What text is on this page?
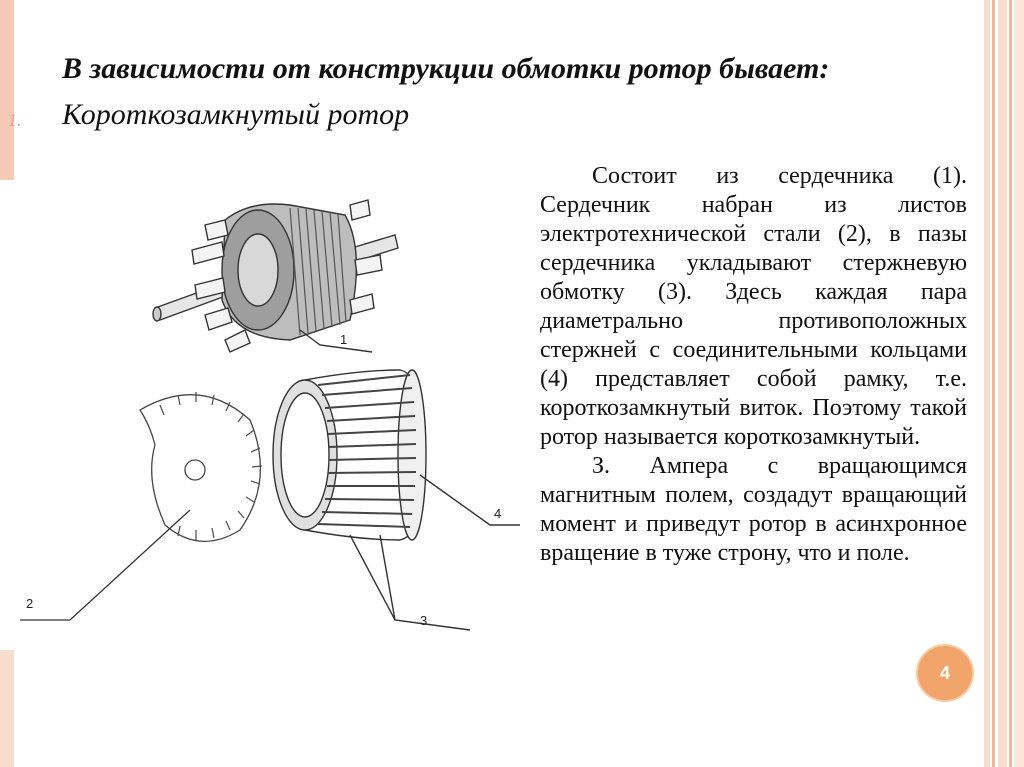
В зависимости от конструкции обмотки ротор бывает:
1. Короткозамкнутый ротор
1
2
4
3

Состоит из сердечника (1). Сердечник набран из листов электротехнической стали (2), в пазы сердечника укладывают стержневую обмотку (3). Здесь каждая пара диаметрально противоположных стержней с соединительными кольцами (4) представляет собой рамку, т.е. короткозамкнутый виток. Поэтому такой ротор называется короткозамкнутый.

З. Ампера с вращающимся магнитным полем, создадут вращающий момент и приведут ротор в асинхронное вращение в туже строну, что и поле.

4
